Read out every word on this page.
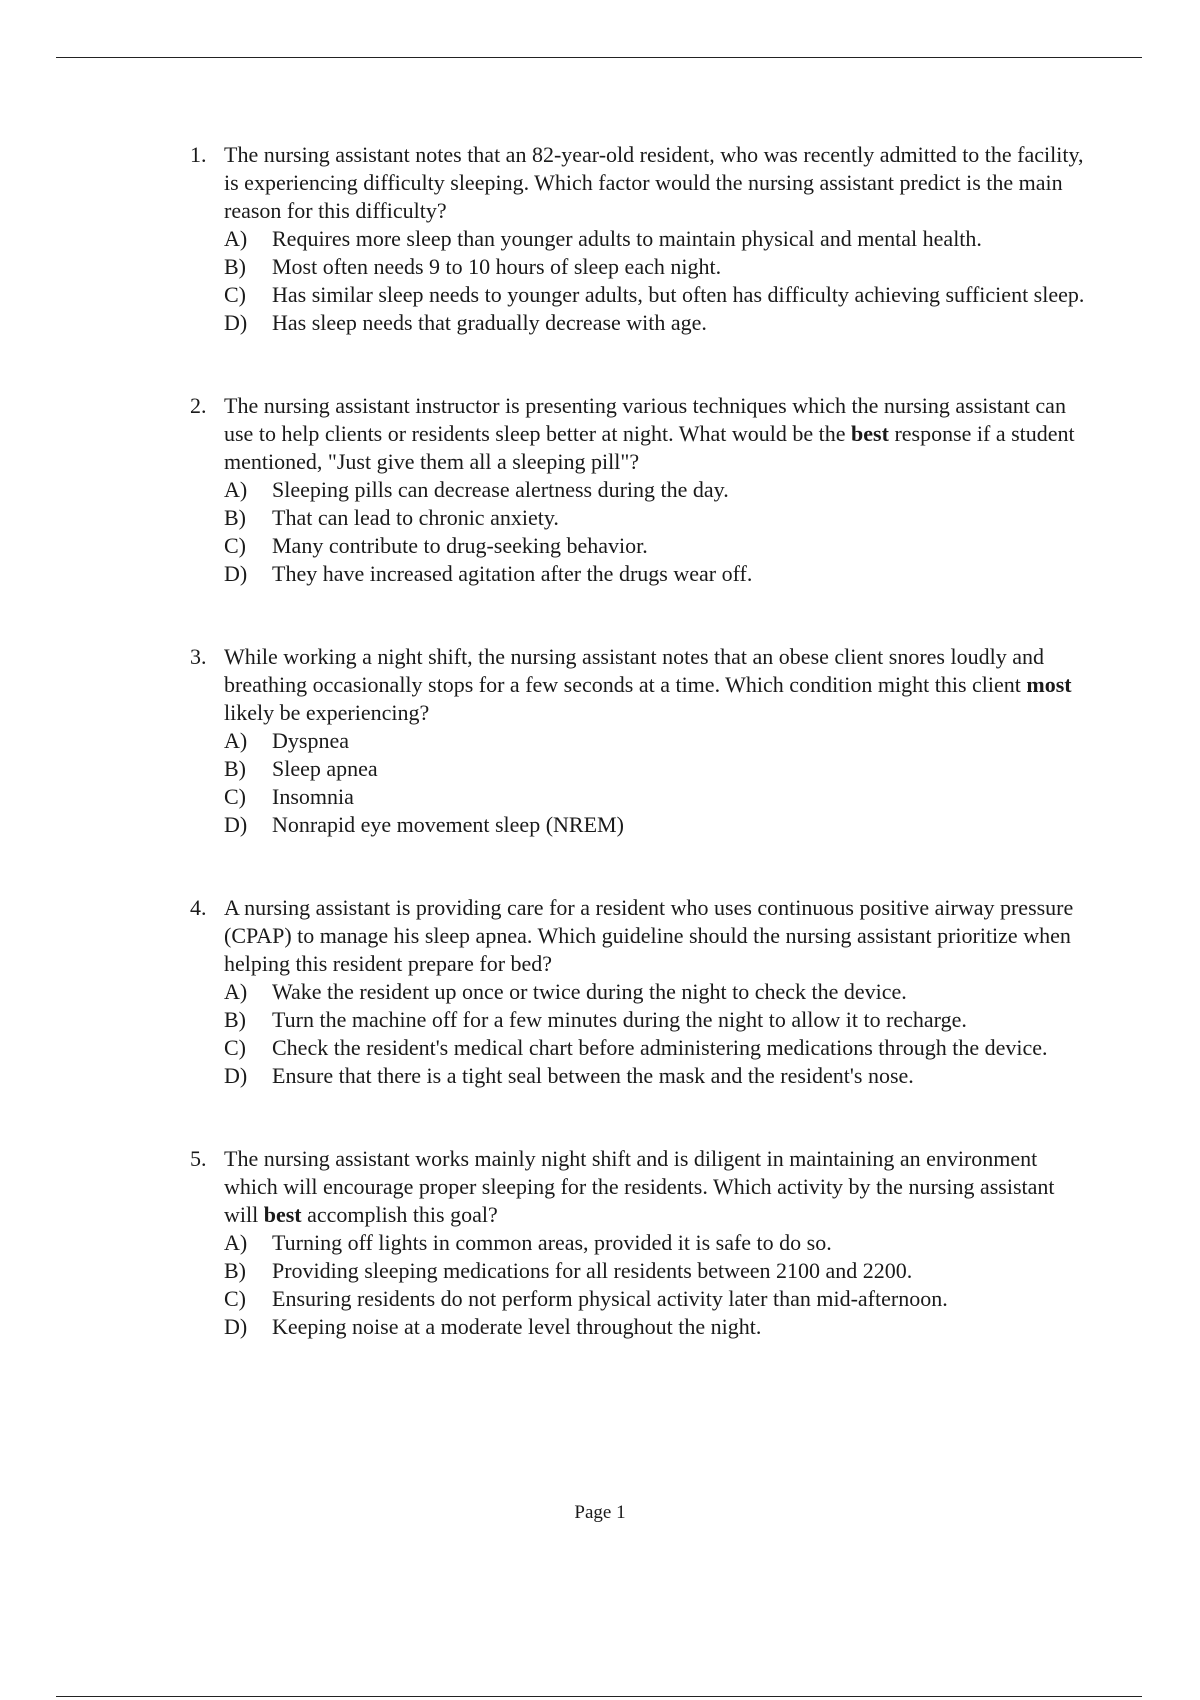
1. The nursing assistant notes that an 82-year-old resident, who was recently admitted to the facility, is experiencing difficulty sleeping. Which factor would the nursing assistant predict is the main reason for this difficulty?
A) Requires more sleep than younger adults to maintain physical and mental health.
B) Most often needs 9 to 10 hours of sleep each night.
C) Has similar sleep needs to younger adults, but often has difficulty achieving sufficient sleep.
D) Has sleep needs that gradually decrease with age.
2. The nursing assistant instructor is presenting various techniques which the nursing assistant can use to help clients or residents sleep better at night. What would be the best response if a student mentioned, "Just give them all a sleeping pill"?
A) Sleeping pills can decrease alertness during the day.
B) That can lead to chronic anxiety.
C) Many contribute to drug-seeking behavior.
D) They have increased agitation after the drugs wear off.
3. While working a night shift, the nursing assistant notes that an obese client snores loudly and breathing occasionally stops for a few seconds at a time. Which condition might this client most likely be experiencing?
A) Dyspnea
B) Sleep apnea
C) Insomnia
D) Nonrapid eye movement sleep (NREM)
4. A nursing assistant is providing care for a resident who uses continuous positive airway pressure (CPAP) to manage his sleep apnea. Which guideline should the nursing assistant prioritize when helping this resident prepare for bed?
A) Wake the resident up once or twice during the night to check the device.
B) Turn the machine off for a few minutes during the night to allow it to recharge.
C) Check the resident's medical chart before administering medications through the device.
D) Ensure that there is a tight seal between the mask and the resident's nose.
5. The nursing assistant works mainly night shift and is diligent in maintaining an environment which will encourage proper sleeping for the residents. Which activity by the nursing assistant will best accomplish this goal?
A) Turning off lights in common areas, provided it is safe to do so.
B) Providing sleeping medications for all residents between 2100 and 2200.
C) Ensuring residents do not perform physical activity later than mid-afternoon.
D) Keeping noise at a moderate level throughout the night.
Page 1
